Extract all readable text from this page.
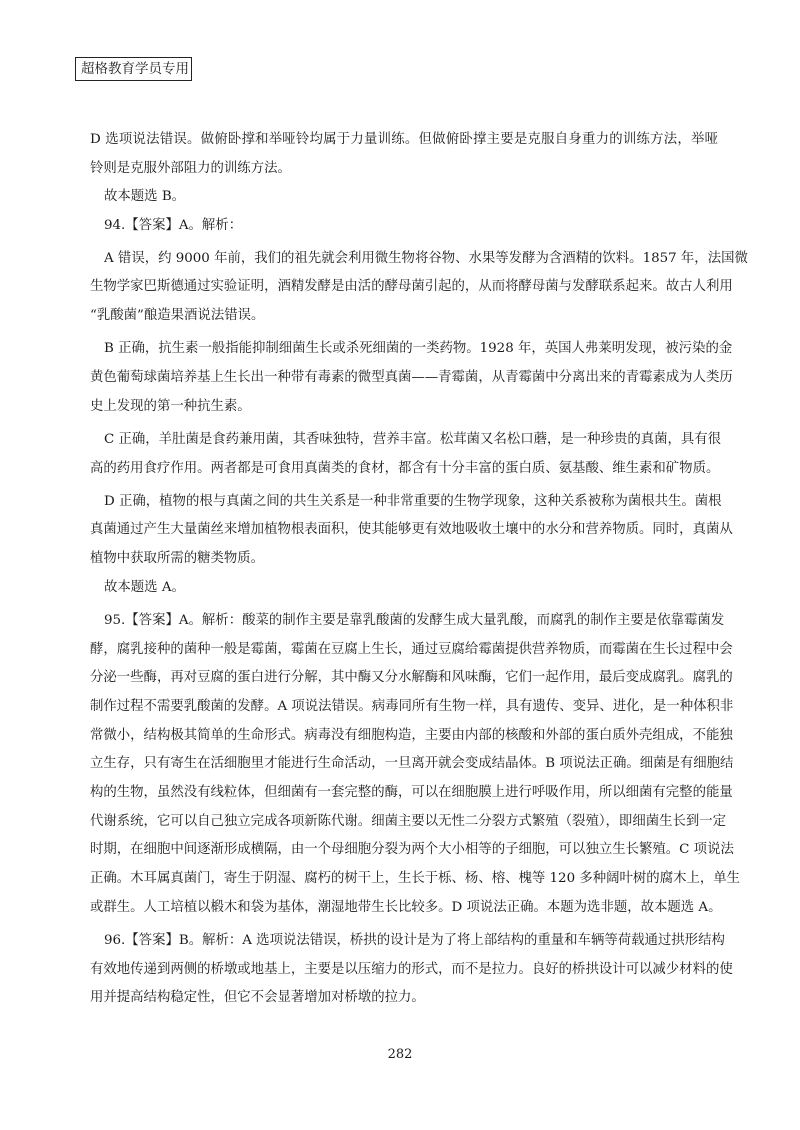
超格教育学员专用
D 选项说法错误。做俯卧撑和举哑铃均属于力量训练。但做俯卧撑主要是克服自身重力的训练方法，举哑
铃则是克服外部阻力的训练方法。
故本题选 B。
94.【答案】A。解析：
A 错误，约 9000 年前，我们的祖先就会利用微生物将谷物、水果等发酵为含酒精的饮料。1857 年，法国微
生物学家巴斯德通过实验证明，酒精发酵是由活的酵母菌引起的，从而将酵母菌与发酵联系起来。故古人利用
“乳酸菌”酿造果酒说法错误。
B 正确，抗生素一般指能抑制细菌生长或杀死细菌的一类药物。1928 年，英国人弗莱明发现，被污染的金
黄色葡萄球菌培养基上生长出一种带有毒素的微型真菌——青霉菌，从青霉菌中分离出来的青霉素成为人类历
史上发现的第一种抗生素。
C 正确，羊肚菌是食药兼用菌，其香味独特，营养丰富。松茸菌又名松口蘑，是一种珍贵的真菌，具有很
高的药用食疗作用。两者都是可食用真菌类的食材，都含有十分丰富的蛋白质、氨基酸、维生素和矿物质。
D 正确，植物的根与真菌之间的共生关系是一种非常重要的生物学现象，这种关系被称为菌根共生。菌根
真菌通过产生大量菌丝来增加植物根表面积，使其能够更有效地吸收土壤中的水分和营养物质。同时，真菌从
植物中获取所需的糖类物质。
故本题选 A。
95.【答案】A。解析：酸菜的制作主要是靠乳酸菌的发酵生成大量乳酸，而腐乳的制作主要是依靠霉菌发
酵，腐乳接种的菌种一般是霉菌，霉菌在豆腐上生长，通过豆腐给霉菌提供营养物质，而霉菌在生长过程中会
分泌一些酶，再对豆腐的蛋白进行分解，其中酶又分水解酶和风味酶，它们一起作用，最后变成腐乳。腐乳的
制作过程不需要乳酸菌的发酵。A 项说法错误。病毒同所有生物一样，具有遗传、变异、进化，是一种体积非
常微小，结构极其简单的生命形式。病毒没有细胞构造，主要由内部的核酸和外部的蛋白质外壳组成，不能独
立生存，只有寄生在活细胞里才能进行生命活动，一旦离开就会变成结晶体。B 项说法正确。细菌是有细胞结
构的生物，虽然没有线粒体，但细菌有一套完整的酶，可以在细胞膜上进行呼吸作用，所以细菌有完整的能量
代谢系统，它可以自己独立完成各项新陈代谢。细菌主要以无性二分裂方式繁殖（裂殖），即细菌生长到一定
时期，在细胞中间逐渐形成横隔，由一个母细胞分裂为两个大小相等的子细胞，可以独立生长繁殖。C 项说法
正确。木耳属真菌门，寄生于阴湿、腐朽的树干上，生长于栎、杨、榕、槐等 120 多种阔叶树的腐木上，单生
或群生。人工培植以椴木和袋为基体，潮湿地带生长比较多。D 项说法正确。本题为选非题，故本题选 A。
96.【答案】B。解析：A 选项说法错误，桥拱的设计是为了将上部结构的重量和车辆等荷载通过拱形结构
有效地传递到两侧的桥墩或地基上，主要是以压缩力的形式，而不是拉力。良好的桥拱设计可以减少材料的使
用并提高结构稳定性，但它不会显著增加对桥墩的拉力。
282
